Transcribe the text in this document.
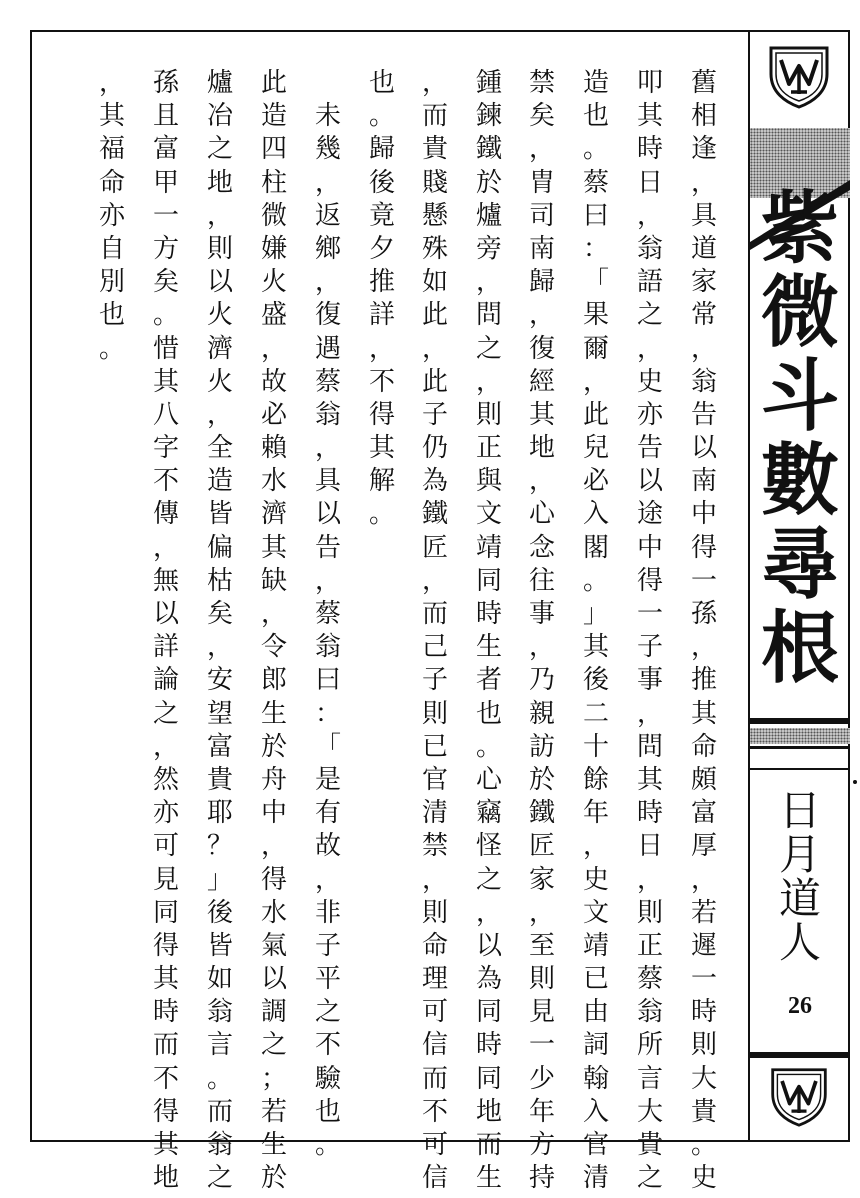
舊
相
逢
，
具
道
家
常
，
翁
告
以
南
中
得
一
孫
，
推
其
命
頗
富
厚
，
若
遲
一
時
則
大
貴
。
史
叩
其
時
日
，
翁
語
之
，
史
亦
告
以
途
中
得
一
子
事
，
問
其
時
日
，
則
正
蔡
翁
所
言
大
貴
之
造
也
。
蔡
曰
：
「
果
爾
，
此
兒
必
入
閣
。
」
其
後
二
十
餘
年
，
史
文
靖
已
由
詞
翰
入
官
清
禁
矣
，
胄
司
南
歸
，
復
經
其
地
，
心
念
往
事
，
乃
親
訪
於
鐵
匠
家
，
至
則
見
一
少
年
方
持
鍾
鍊
鐵
於
爐
旁
，
問
之
，
則
正
與
文
靖
同
時
生
者
也
。
心
竊
怪
之
，
以
為
同
時
同
地
而
生
，
而
貴
賤
懸
殊
如
此
，
此
子
仍
為
鐵
匠
，
而
己
子
則
已
官
清
禁
，
則
命
理
可
信
而
不
可
信
也
。
歸
後
竟
夕
推
詳
，
不
得
其
解
。

未
幾
，
返
鄉
，
復
遇
蔡
翁
，
具
以
告
，
蔡
翁
曰
：
「
是
有
故
，
非
子
平
之
不
驗
也
。
此
造
四
柱
微
嫌
火
盛
，
故
必
賴
水
濟
其
缺
，
令
郎
生
於
舟
中
，
得
水
氣
以
調
之
；
若
生
於
爐
冶
之
地
，
則
以
火
濟
火
，
全
造
皆
偏
枯
矣
，
安
望
富
貴
耶
？
」
後
皆
如
翁
言
。
而
翁
之
孫
且
富
甲
一
方
矣
。
惜
其
八
字
不
傳
，
無
以
詳
論
之
，
然
亦
可
見
同
得
其
時
而
不
得
其
地
，
其
福
命
亦
自
別
也
。
紫
微
斗
數
尋
根
日
月
道
人
26
